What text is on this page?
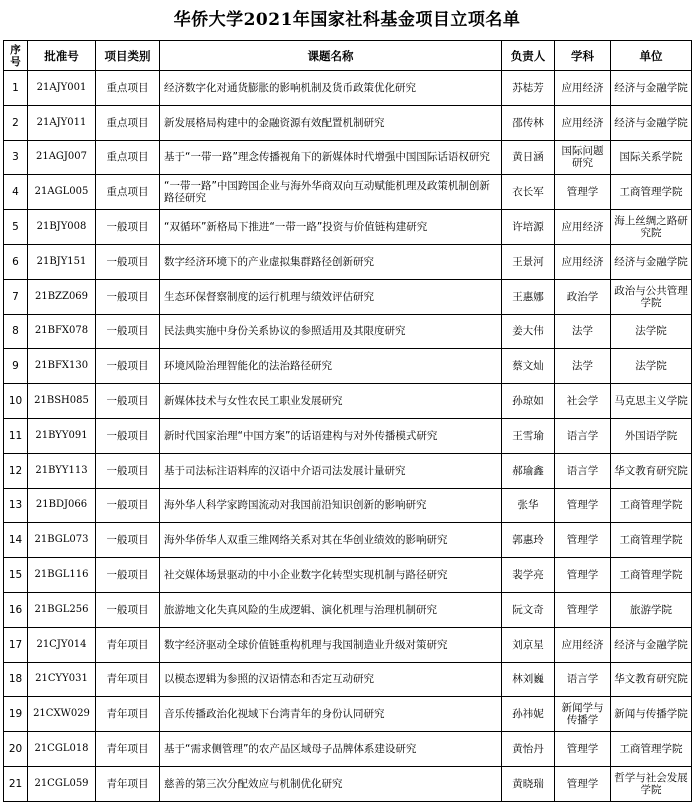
华侨大学2021年国家社科基金项目立项名单
序号	批准号	项目类别	课题名称	负责人	学科	单位
1	21AJY001	重点项目	经济数字化对通货膨胀的影响机制及货币政策优化研究	苏梽芳	应用经济	经济与金融学院
2	21AJY011	重点项目	新发展格局构建中的金融资源有效配置机制研究	邵传林	应用经济	经济与金融学院
3	21AGJ007	重点项目	基于“一带一路”理念传播视角下的新媒体时代增强中国国际话语权研究	黄日涵	国际问题研究	国际关系学院
4	21AGL005	重点项目	“一带一路”中国跨国企业与海外华商双向互动赋能机理及政策机制创新路径研究	衣长军	管理学	工商管理学院
5	21BJY008	一般项目	“双循环”新格局下推进“一带一路”投资与价值链构建研究	许培源	应用经济	海上丝绸之路研究院
6	21BJY151	一般项目	数字经济环境下的产业虚拟集群路径创新研究	王景河	应用经济	经济与金融学院
7	21BZZ069	一般项目	生态环保督察制度的运行机理与绩效评估研究	王惠娜	政治学	政治与公共管理学院
8	21BFX078	一般项目	民法典实施中身份关系协议的参照适用及其限度研究	姜大伟	法学	法学院
9	21BFX130	一般项目	环境风险治理智能化的法治路径研究	蔡文灿	法学	法学院
10	21BSH085	一般项目	新媒体技术与女性农民工职业发展研究	孙琼如	社会学	马克思主义学院
11	21BYY091	一般项目	新时代国家治理“中国方案”的话语建构与对外传播模式研究	王雪瑜	语言学	外国语学院
12	21BYY113	一般项目	基于司法标注语料库的汉语中介语司法发展计量研究	郝瑜鑫	语言学	华文教育研究院
13	21BDJ066	一般项目	海外华人科学家跨国流动对我国前沿知识创新的影响研究	张华	管理学	工商管理学院
14	21BGL073	一般项目	海外华侨华人双重三维网络关系对其在华创业绩效的影响研究	郭惠玲	管理学	工商管理学院
15	21BGL116	一般项目	社交媒体场景驱动的中小企业数字化转型实现机制与路径研究	裴学亮	管理学	工商管理学院
16	21BGL256	一般项目	旅游地文化失真风险的生成逻辑、演化机理与治理机制研究	阮文奇	管理学	旅游学院
17	21CJY014	青年项目	数字经济驱动全球价值链重构机理与我国制造业升级对策研究	刘京星	应用经济	经济与金融学院
18	21CYY031	青年项目	以模态逻辑为参照的汉语情态和否定互动研究	林刘巍	语言学	华文教育研究院
19	21CXW029	青年项目	音乐传播政治化视域下台湾青年的身份认同研究	孙祎妮	新闻学与传播学	新闻与传播学院
20	21CGL018	青年项目	基于“需求侧管理”的农产品区域母子品牌体系建设研究	黄怡丹	管理学	工商管理学院
21	21CGL059	青年项目	慈善的第三次分配效应与机制优化研究	黄晓瑞	管理学	哲学与社会发展学院
